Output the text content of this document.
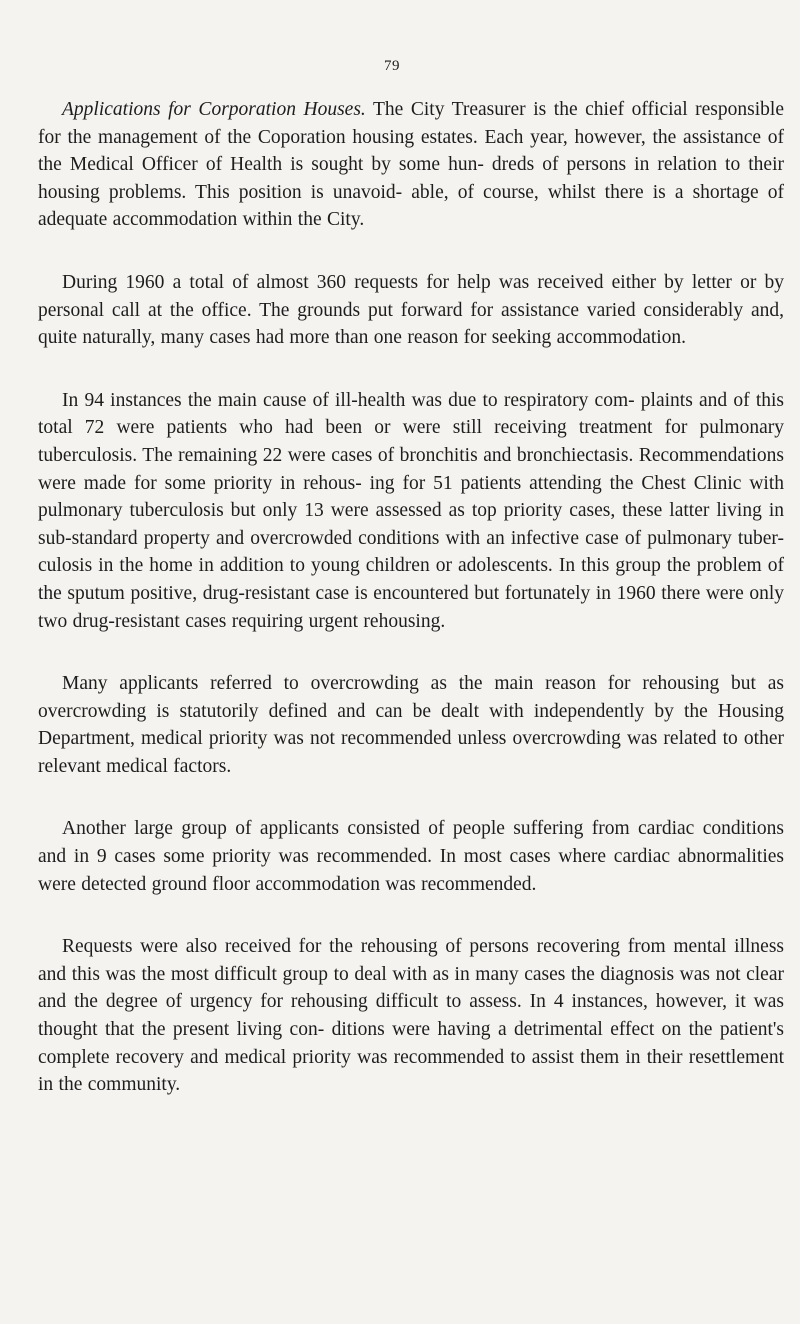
79

Applications for Corporation Houses. The City Treasurer is the chief official responsible for the management of the Coporation housing estates. Each year, however, the assistance of the Medical Officer of Health is sought by some hun- dreds of persons in relation to their housing problems. This position is unavoid- able, of course, whilst there is a shortage of adequate accommodation within the City.

During 1960 a total of almost 360 requests for help was received either by letter or by personal call at the office. The grounds put forward for assistance varied considerably and, quite naturally, many cases had more than one reason for seeking accommodation.

In 94 instances the main cause of ill-health was due to respiratory com- plaints and of this total 72 were patients who had been or were still receiving treatment for pulmonary tuberculosis. The remaining 22 were cases of bronchitis and bronchiectasis. Recommendations were made for some priority in rehous- ing for 51 patients attending the Chest Clinic with pulmonary tuberculosis but only 13 were assessed as top priority cases, these latter living in sub-standard property and overcrowded conditions with an infective case of pulmonary tuber- culosis in the home in addition to young children or adolescents. In this group the problem of the sputum positive, drug-resistant case is encountered but fortunately in 1960 there were only two drug-resistant cases requiring urgent rehousing.

Many applicants referred to overcrowding as the main reason for rehousing but as overcrowding is statutorily defined and can be dealt with independently by the Housing Department, medical priority was not recommended unless overcrowding was related to other relevant medical factors.

Another large group of applicants consisted of people suffering from cardiac conditions and in 9 cases some priority was recommended. In most cases where cardiac abnormalities were detected ground floor accommodation was recommended.

Requests were also received for the rehousing of persons recovering from mental illness and this was the most difficult group to deal with as in many cases the diagnosis was not clear and the degree of urgency for rehousing difficult to assess. In 4 instances, however, it was thought that the present living con- ditions were having a detrimental effect on the patient's complete recovery and medical priority was recommended to assist them in their resettlement in the community.
